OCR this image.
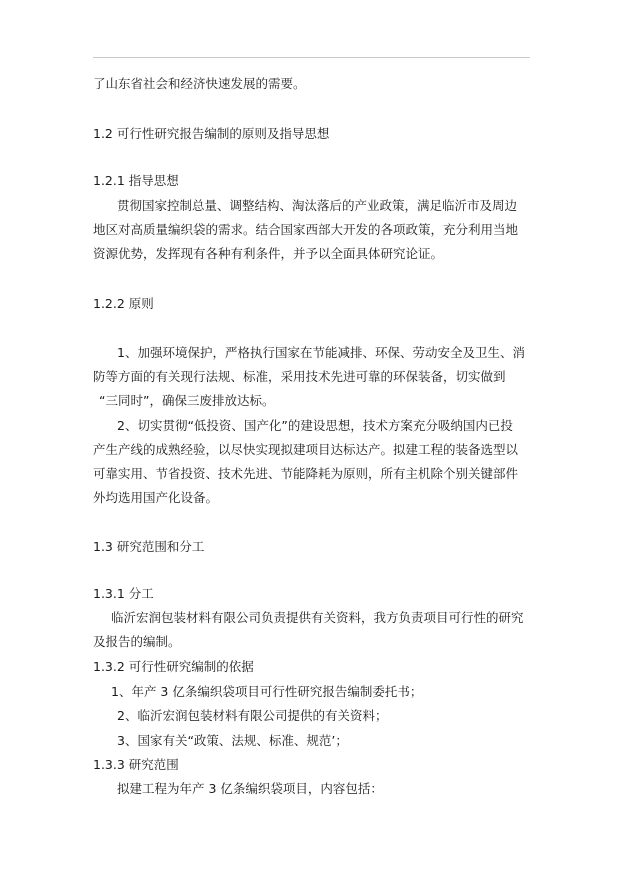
了山东省社会和经济快速发展的需要。

1.2 可行性研究报告编制的原则及指导思想

1.2.1 指导思想

贯彻国家控制总量、调整结构、淘汰落后的产业政策，满足临沂市及周边

地区对高质量编织袋的需求。结合国家西部大开发的各项政策，充分利用当地

资源优势，发挥现有各种有利条件，并予以全面具体研究论证。

1.2.2 原则

1、加强环境保护，严格执行国家在节能减排、环保、劳动安全及卫生、消

防等方面的有关现行法规、标准，采用技术先进可靠的环保装备，切实做到

“三同时”，确保三废排放达标。

2、切实贯彻“低投资、国产化”的建设思想，技术方案充分吸纳国内已投

产生产线的成熟经验，以尽快实现拟建项目达标达产。拟建工程的装备选型以

可靠实用、节省投资、技术先进、节能降耗为原则，所有主机除个别关键部件

外均选用国产化设备。

1.3 研究范围和分工

1.3.1 分工

临沂宏润包装材料有限公司负责提供有关资料，我方负责项目可行性的研究

及报告的编制。

1.3.2 可行性研究编制的依据

1、年产 3 亿条编织袋项目可行性研究报告编制委托书；

2、临沂宏润包装材料有限公司提供的有关资料；

3、国家有关“政策、法规、标准、规范’；

1.3.3 研究范围

拟建工程为年产 3 亿条编织袋项目，内容包括：
